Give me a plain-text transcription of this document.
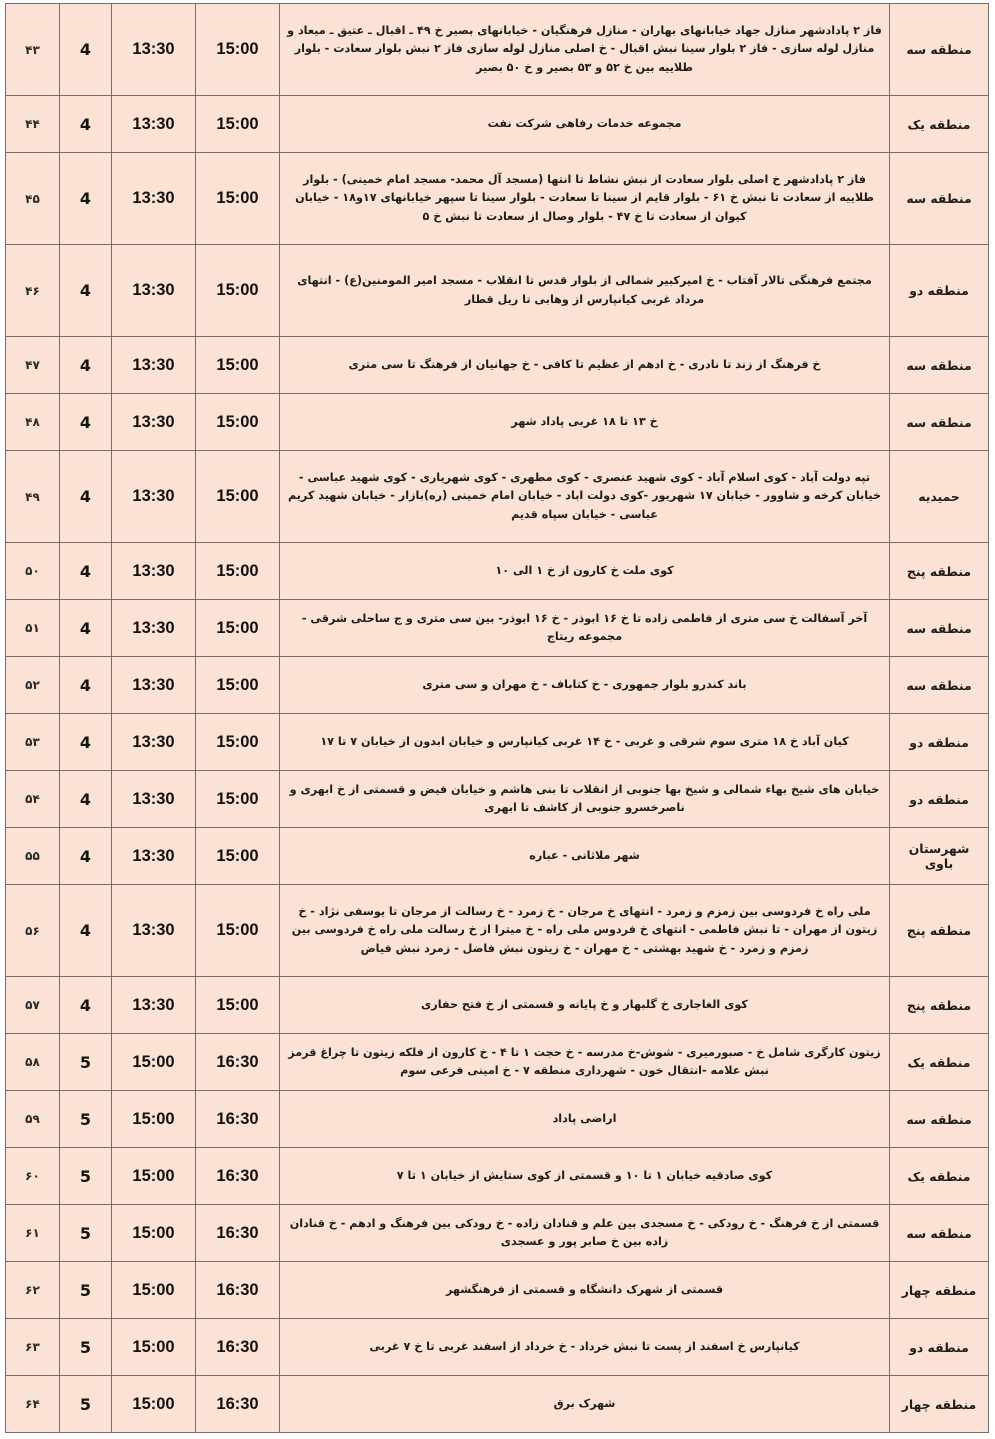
منطقه سه	فاز ۲ پادادشهر منازل جهاد خیابانهای بهاران - منازل فرهنگیان - خیابانهای بصیر خ ۴۹ ـ اقبال ـ عتیق ـ میعاد و منازل لوله سازی - فاز ۲ بلوار سینا نبش اقبال - خ اصلی منازل لوله سازی فاز ۲ نبش بلوار سعادت - بلوار طلاییه بین خ ۵۲ و ۵۳ بصیر و خ ۵۰ بصیر	15:00	13:30	4	۴۳
منطقه یک	مجموعه خدمات رفاهی شرکت نفت	15:00	13:30	4	۴۴
منطقه سه	فاز ۲ پادادشهر خ اصلی بلوار سعادت از نبش نشاط تا انتها (مسجد آل محمد- مسجد امام خمینی) - بلوار طلاییه از سعادت تا نبش خ ۶۱ - بلوار قایم از سینا تا سعادت - بلوار سینا تا سپهر خیابانهای ۱۷و۱۸ - خیابان کیوان از سعادت تا خ ۴۷ - بلوار وصال از سعادت تا نبش خ ۵	15:00	13:30	4	۴۵
منطقه دو	مجتمع فرهنگی تالار آفتاب - خ امیرکبیر شمالی از بلوار قدس تا انقلاب - مسجد امیر المومنین(ع) - انتهای مرداد غربی کیانپارس از وهابی تا ریل قطار	15:00	13:30	4	۴۶
منطقه سه	خ فرهنگ از زند تا نادری - خ ادهم از عظیم تا کافی - خ جهانیان از فرهنگ تا سی متری	15:00	13:30	4	۴۷
منطقه سه	خ ۱۳ تا ۱۸ غربی پاداد شهر	15:00	13:30	4	۴۸
حمیدیه	تپه دولت آباد - کوی اسلام آباد - کوی شهید عنصری - کوی مطهری - کوی شهریاری - کوی شهید عباسی - خیابان کرخه و شاوور - خیابان ۱۷ شهریور -کوی دولت اباد - خیابان امام خمینی (ره)بازار - خیابان شهید کریم عباسی - خیابان سپاه قدیم	15:00	13:30	4	۴۹
منطقه پنج	کوی ملت خ کارون از خ ۱ الی ۱۰	15:00	13:30	4	۵۰
منطقه سه	آخر آسفالت خ سی متری از فاطمی زاده تا خ ۱۶ ابوذر - خ ۱۶ ابوذر- بین سی متری و ج ساحلی شرقی - مجموعه ریتاج	15:00	13:30	4	۵۱
منطقه سه	باند کندرو بلوار جمهوری - خ کتاباف - خ مهران و سی متری	15:00	13:30	4	۵۲
منطقه دو	کیان آباد خ ۱۸ متری سوم شرقی و غربی - خ ۱۴ غربی کیانپارس و خیابان ابدون از خیابان ۷ تا ۱۷	15:00	13:30	4	۵۳
منطقه دو	خیابان های شیخ بهاء شمالی و شیخ بها جنوبی از انقلاب تا بنی هاشم و خیابان فیض و قسمتی از خ ابهری و ناصرخسرو جنوبی از کاشف تا ابهری	15:00	13:30	4	۵۴
شهرستان باوی	شهر ملاثانی - عباره	15:00	13:30	4	۵۵
منطقه پنج	ملی راه خ فردوسی بین زمزم و زمرد - انتهای خ مرجان - خ زمرد - خ رسالت از مرجان تا یوسفی نژاد - خ زیتون از مهران - تا نبش فاطمی - انتهای خ فردوس ملی راه - خ میترا از خ رسالت ملی راه خ فردوسی بین زمزم و زمرد - خ شهید بهشتی - خ مهران - خ زیتون نبش فاضل - زمرد نبش فیاض	15:00	13:30	4	۵۶
منطقه پنج	کوی الغاجاری خ گلبهار و خ پایانه و قسمتی از خ فتح حفاری	15:00	13:30	4	۵۷
منطقه یک	زیتون کارگری شامل خ - صبورمیری - شوش-خ مدرسه - خ حجت ۱ تا ۴ - خ کارون از فلکه زیتون تا چراغ قرمز نبش علامه -انتقال خون - شهرداری منطقه ۷ - خ امینی فرعی سوم	16:30	15:00	5	۵۸
منطقه سه	اراضی پاداد	16:30	15:00	5	۵۹
منطقه یک	کوی صادقیه خیابان ۱ تا ۱۰ و قسمتی از کوی ستایش از خیابان ۱ تا ۷	16:30	15:00	5	۶۰
منطقه سه	قسمتی از خ فرهنگ - خ رودکی - خ مسجدی بین علم و قنادان زاده - خ رودکی بین فرهنگ و ادهم - خ قنادان زاده بین خ صابر پور و عسجدی	16:30	15:00	5	۶۱
منطقه چهار	قسمتی از شهرک دانشگاه و قسمتی از فرهنگشهر	16:30	15:00	5	۶۲
منطقه دو	کیانپارس خ اسفند از پست تا نبش خرداد - خ خرداد از اسفند غربی تا خ ۷ غربی	16:30	15:00	5	۶۳
منطقه چهار	شهرک برق	16:30	15:00	5	۶۴
